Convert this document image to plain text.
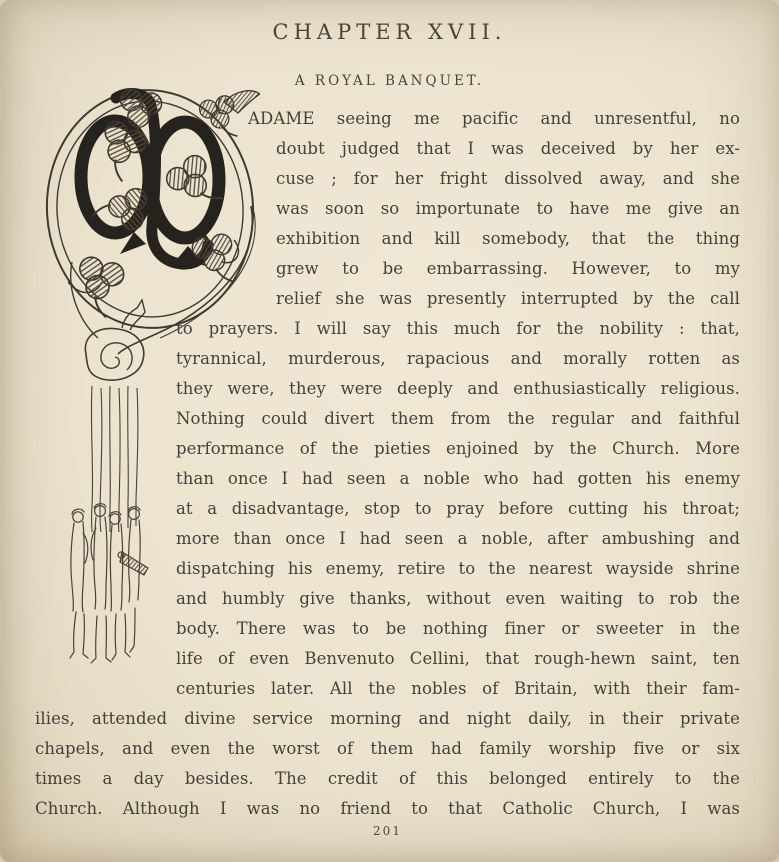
CHAPTER XVII.
A ROYAL BANQUET.
ADAME seeing me pacific and unresentful, no
doubt judged that I was deceived by her ex-
cuse ; for her fright dissolved away, and she
was soon so importunate to have me give an
exhibition and kill somebody, that the thing
grew to be embarrassing. However, to my
relief she was presently interrupted by the call
to prayers. I will say this much for the nobility : that,
tyrannical, murderous, rapacious and morally rotten as
they were, they were deeply and enthusiastically religious.
Nothing could divert them from the regular and faithful
performance of the pieties enjoined by the Church. More
than once I had seen a noble who had gotten his enemy
at a disadvantage, stop to pray before cutting his throat;
more than once I had seen a noble, after ambushing and
dispatching his enemy, retire to the nearest wayside shrine
and humbly give thanks, without even waiting to rob the
body. There was to be nothing finer or sweeter in the
life of even Benvenuto Cellini, that rough-hewn saint, ten
centuries later. All the nobles of Britain, with their fam-
ilies, attended divine service morning and night daily, in their private
chapels, and even the worst of them had family worship five or six
times a day besides. The credit of this belonged entirely to the
Church. Although I was no friend to that Catholic Church, I was
201
